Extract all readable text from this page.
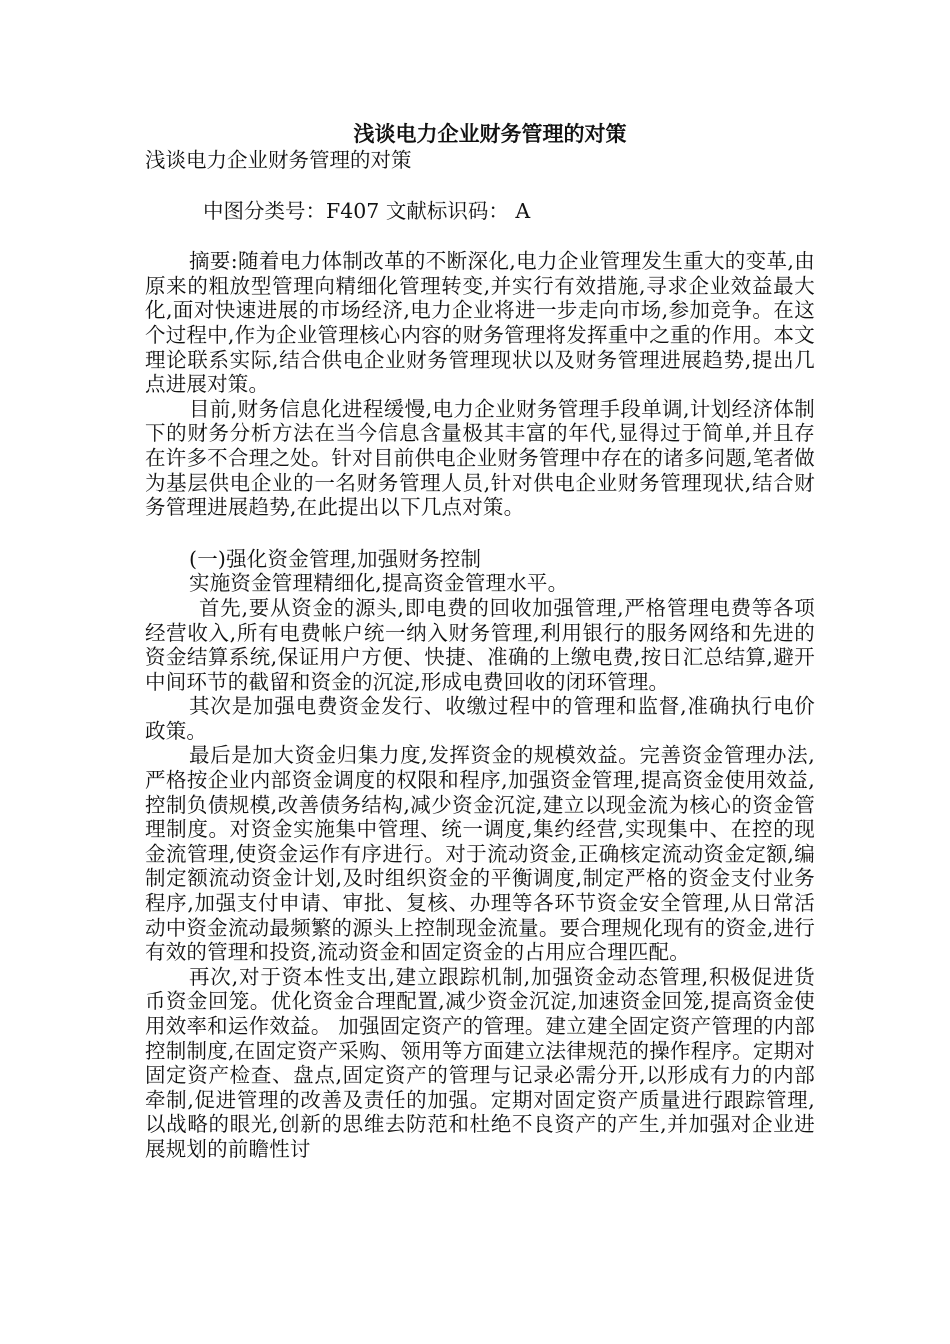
浅谈电力企业财务管理的对策

浅谈电力企业财务管理的对策

中图分类号：F407 文献标识码： A

摘要:随着电力体制改革的不断深化,电力企业管理发生重大的变革,由原来的粗放型管理向精细化管理转变,并实行有效措施,寻求企业效益最大化,面对快速进展的市场经济,电力企业将进一步走向市场,参加竞争。在这个过程中,作为企业管理核心内容的财务管理将发挥重中之重的作用。本文理论联系实际,结合供电企业财务管理现状以及财务管理进展趋势,提出几点进展对策。

目前,财务信息化进程缓慢,电力企业财务管理手段单调,计划经济体制下的财务分析方法在当今信息含量极其丰富的年代,显得过于简单,并且存在许多不合理之处。针对目前供电企业财务管理中存在的诸多问题,笔者做为基层供电企业的一名财务管理人员,针对供电企业财务管理现状,结合财务管理进展趋势,在此提出以下几点对策。

(一)强化资金管理,加强财务控制

实施资金管理精细化,提高资金管理水平。

首先,要从资金的源头,即电费的回收加强管理,严格管理电费等各项经营收入,所有电费帐户统一纳入财务管理,利用银行的服务网络和先进的资金结算系统,保证用户方便、快捷、准确的上缴电费,按日汇总结算,避开中间环节的截留和资金的沉淀,形成电费回收的闭环管理。

其次是加强电费资金发行、收缴过程中的管理和监督,准确执行电价政策。

最后是加大资金归集力度,发挥资金的规模效益。完善资金管理办法,严格按企业内部资金调度的权限和程序,加强资金管理,提高资金使用效益,控制负债规模,改善债务结构,减少资金沉淀,建立以现金流为核心的资金管理制度。对资金实施集中管理、统一调度,集约经营,实现集中、在控的现金流管理,使资金运作有序进行。对于流动资金,正确核定流动资金定额,编制定额流动资金计划,及时组织资金的平衡调度,制定严格的资金支付业务程序,加强支付申请、审批、复核、办理等各环节资金安全管理,从日常活动中资金流动最频繁的源头上控制现金流量。要合理规化现有的资金,进行有效的管理和投资,流动资金和固定资金的占用应合理匹配。

再次,对于资本性支出,建立跟踪机制,加强资金动态管理,积极促进货币资金回笼。优化资金合理配置,减少资金沉淀,加速资金回笼,提高资金使用效率和运作效益。 加强固定资产的管理。建立建全固定资产管理的内部控制制度,在固定资产采购、领用等方面建立法律规范的操作程序。定期对固定资产检查、盘点,固定资产的管理与记录必需分开,以形成有力的内部牵制,促进管理的改善及责任的加强。定期对固定资产质量进行跟踪管理,以战略的眼光,创新的思维去防范和杜绝不良资产的产生,并加强对企业进展规划的前瞻性讨
